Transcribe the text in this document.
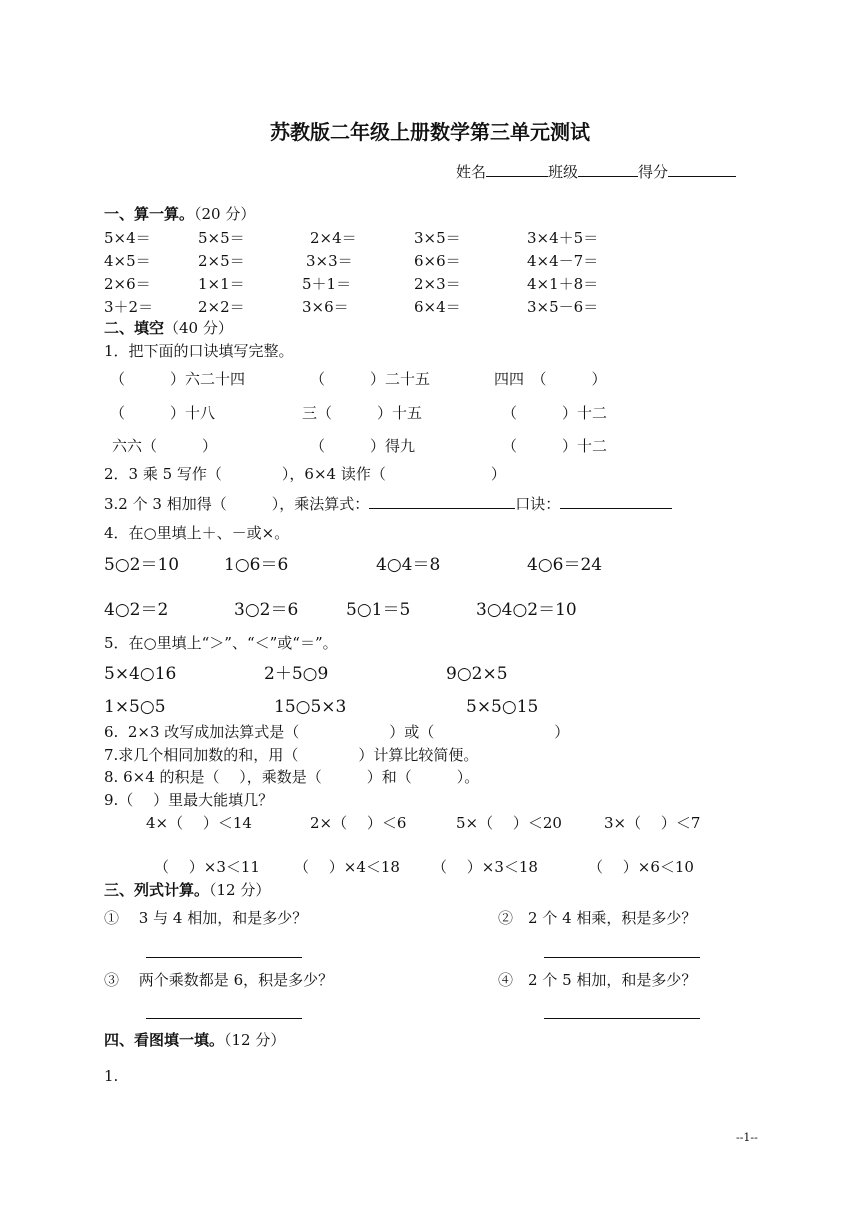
苏教版二年级上册数学第三单元测试
姓名	班级	得分
一、算一算。（20 分）
5×4＝	5×5＝	2×4＝	3×5＝	3×4＋5＝
4×5＝	2×5＝	3×3＝	6×6＝	4×4－7＝
2×6＝	1×1＝	5＋1＝	2×3＝	4×1＋8＝
3＋2＝	2×2＝	3×6＝	6×4＝	3×5－6＝
二、填空（40 分）
1．把下面的口诀填写完整。
（　　　）六二十四	（　　　）二十五	四四　（　　　）
（　　　）十八	三（　　　）十五	（　　　）十二
六六（　　　）	（　　　）得九	（　　　）十二
2．3 乘 5 写作（　　　　），6×4 读作（　　　　　　　）
3.2 个 3 相加得（　　　），乘法算式：	口诀：
4．在○里填上＋、－或×。
5○2＝10	1○6＝6	4○4＝8	4○6＝24
4○2＝2	3○2＝6	5○1＝5	3○4○2＝10
5．在○里填上“＞”、“＜”或“＝”。
5×4○16	2＋5○9	9○2×5
1×5○5	15○5×3	5×5○15
6.  2×3 改写成加法算式是（　　　　　　）或（　　　　　　　　）
7.求几个相同加数的和，用（　　　　）计算比较简便。
8. 6×4 的积是（　 ），乘数是（　　　）和（　　　）。
9.（　 ）里最大能填几？
4×（　 ）＜14	2×（　 ）＜6	5×（　 ）＜20	3×（　 ）＜7
（　 ）×3＜11 （　 ）×4＜18 （　 ）×3＜18	（　 ）×6＜10
三、列式计算。（12 分）
①　 3 与 4 相加，和是多少？	②　 2 个 4 相乘，积是多少？
③　 两个乘数都是 6，积是多少？	④　 2 个 5 相加，和是多少？
四、看图填一填。（12 分）
1.
--1--
